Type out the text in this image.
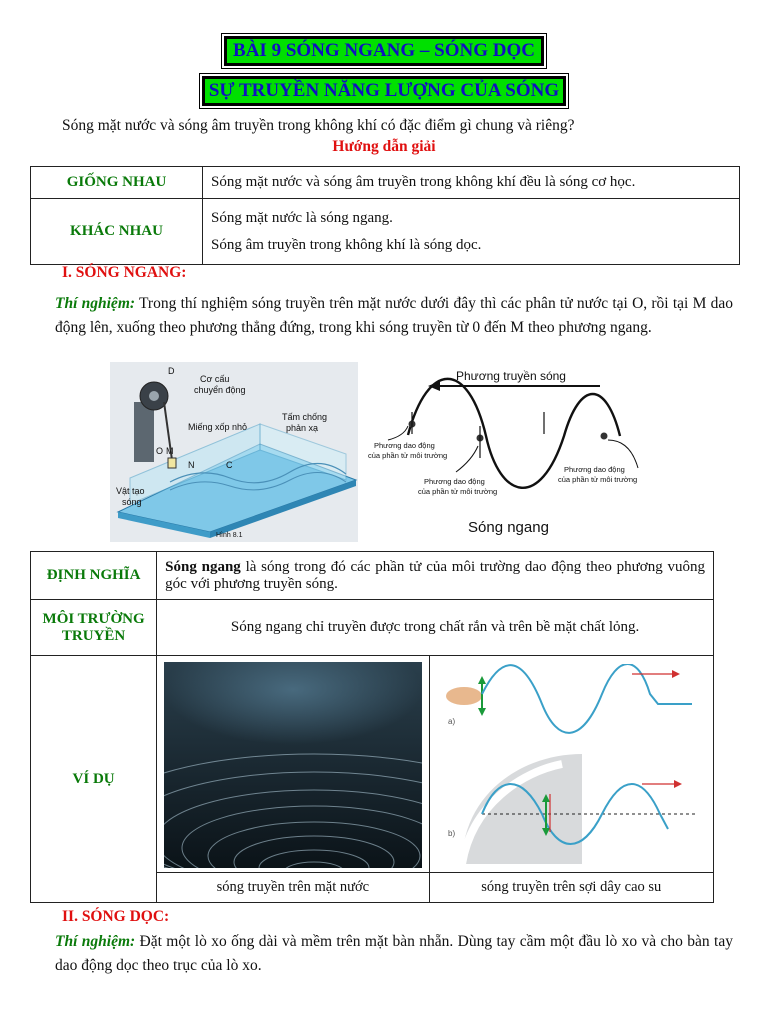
BÀI 9 SÓNG NGANG – SÓNG DỌC
SỰ TRUYỀN NĂNG LƯỢNG CỦA SÓNG
Sóng mặt nước và sóng âm truyền trong không khí có đặc điểm gì chung và riêng?
Hướng dẫn giải
GIỐNG NHAU	Sóng mặt nước và sóng âm truyền trong không khí đều là sóng cơ học.
KHÁC NHAU	Sóng mặt nước là sóng ngang.
Sóng âm truyền trong không khí là sóng dọc.
I. SÓNG NGANG:
Thí nghiệm: Trong thí nghiệm sóng truyền trên mặt nước dưới đây thì các phân tử nước tại O, rồi tại M dao động lên, xuống theo phương thẳng đứng, trong khi sóng truyền từ 0 đến M theo phương ngang.
D
Cơ cấu
chuyển động
Miếng xốp nhỏ
Tấm chống
phản xạ
O M
N	C
Vật tạo
sóng
Hình 8.1
Phương truyền sóng
Phương dao động
của phần tử môi trường
Phương dao động
của phần tử môi trường
Phương dao động
của phần tử môi trường
Sóng ngang
ĐỊNH NGHĨA	Sóng ngang là sóng trong đó các phần tử của môi trường dao động theo phương vuông góc với phương truyền sóng.	
MÔI TRƯỜNG TRUYỀN	Sóng ngang chỉ truyền được trong chất rắn và trên bề mặt chất lỏng.	
VÍ DỤ		a)
b)

	sóng truyền trên mặt nước	sóng truyền trên sợi dây cao su
II. SÓNG DỌC:
Thí nghiệm: Đặt một lò xo ống dài và mềm trên mặt bàn nhẵn. Dùng tay cầm một đầu lò xo và cho bàn tay dao động dọc theo trục của lò xo.
